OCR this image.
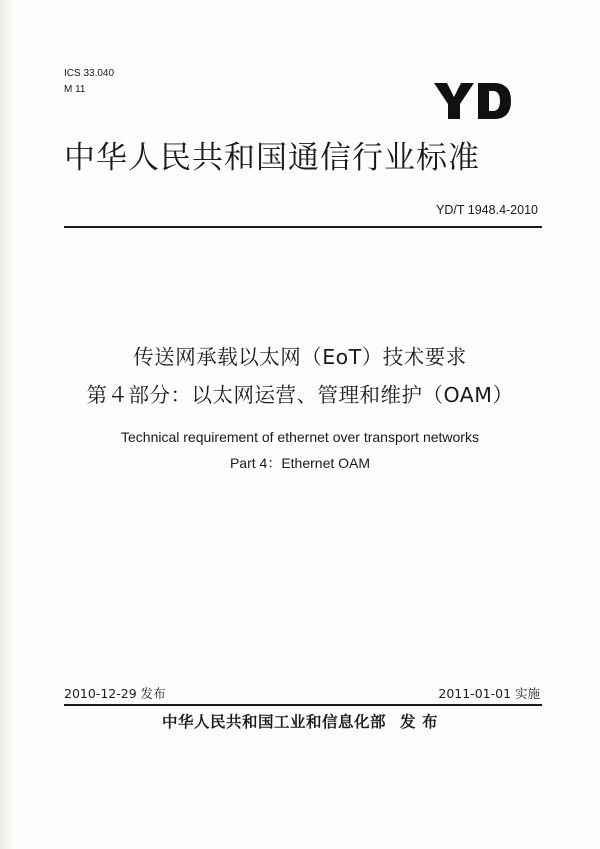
ICS 33.040
M 11
中华人民共和国通信行业标准
YD/T 1948.4-2010
传送网承载以太网（EoT）技术要求
第４部分：以太网运营、管理和维护（OAM）
Technical requirement of ethernet over transport networks
Part 4：Ethernet OAM
2010-12-29 发布	2011-01-01 实施
中华人民共和国工业和信息化部 发 布
